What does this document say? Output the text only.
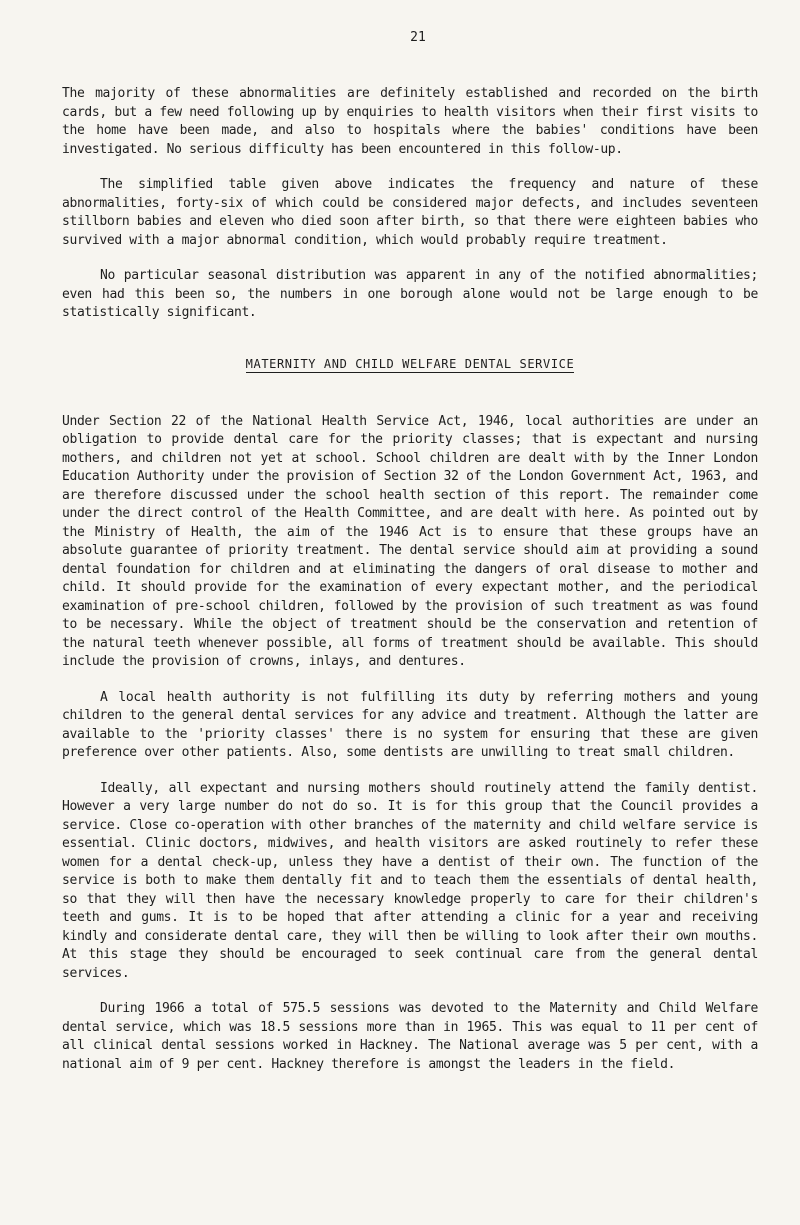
21

The majority of these abnormalities are definitely established and recorded on the birth cards, but a few need following up by enquiries to health visitors when their first visits to the home have been made, and also to hospitals where the babies' conditions have been investigated. No serious difficulty has been encountered in this follow-up.

The simplified table given above indicates the frequency and nature of these abnormalities, forty-six of which could be considered major defects, and includes seventeen stillborn babies and eleven who died soon after birth, so that there were eighteen babies who survived with a major abnormal condition, which would probably require treatment.

No particular seasonal distribution was apparent in any of the notified abnormalities; even had this been so, the numbers in one borough alone would not be large enough to be statistically significant.

MATERNITY AND CHILD WELFARE DENTAL SERVICE

Under Section 22 of the National Health Service Act, 1946, local authorities are under an obligation to provide dental care for the priority classes; that is expectant and nursing mothers, and children not yet at school. School children are dealt with by the Inner London Education Authority under the provision of Section 32 of the London Government Act, 1963, and are therefore discussed under the school health section of this report. The remainder come under the direct control of the Health Committee, and are dealt with here. As pointed out by the Ministry of Health, the aim of the 1946 Act is to ensure that these groups have an absolute guarantee of priority treatment. The dental service should aim at providing a sound dental foundation for children and at eliminating the dangers of oral disease to mother and child. It should provide for the examination of every expectant mother, and the periodical examination of pre-school children, followed by the provision of such treatment as was found to be necessary. While the object of treatment should be the conservation and retention of the natural teeth whenever possible, all forms of treatment should be available. This should include the provision of crowns, inlays, and dentures.

A local health authority is not fulfilling its duty by referring mothers and young children to the general dental services for any advice and treatment. Although the latter are available to the 'priority classes' there is no system for ensuring that these are given preference over other patients. Also, some dentists are unwilling to treat small children.

Ideally, all expectant and nursing mothers should routinely attend the family dentist. However a very large number do not do so. It is for this group that the Council provides a service. Close co-operation with other branches of the maternity and child welfare service is essential. Clinic doctors, midwives, and health visitors are asked routinely to refer these women for a dental check-up, unless they have a dentist of their own. The function of the service is both to make them dentally fit and to teach them the essentials of dental health, so that they will then have the necessary knowledge properly to care for their children's teeth and gums. It is to be hoped that after attending a clinic for a year and receiving kindly and considerate dental care, they will then be willing to look after their own mouths. At this stage they should be encouraged to seek continual care from the general dental services.

During 1966 a total of 575.5 sessions was devoted to the Maternity and Child Welfare dental service, which was 18.5 sessions more than in 1965. This was equal to 11 per cent of all clinical dental sessions worked in Hackney. The National average was 5 per cent, with a national aim of 9 per cent. Hackney therefore is amongst the leaders in the field.
